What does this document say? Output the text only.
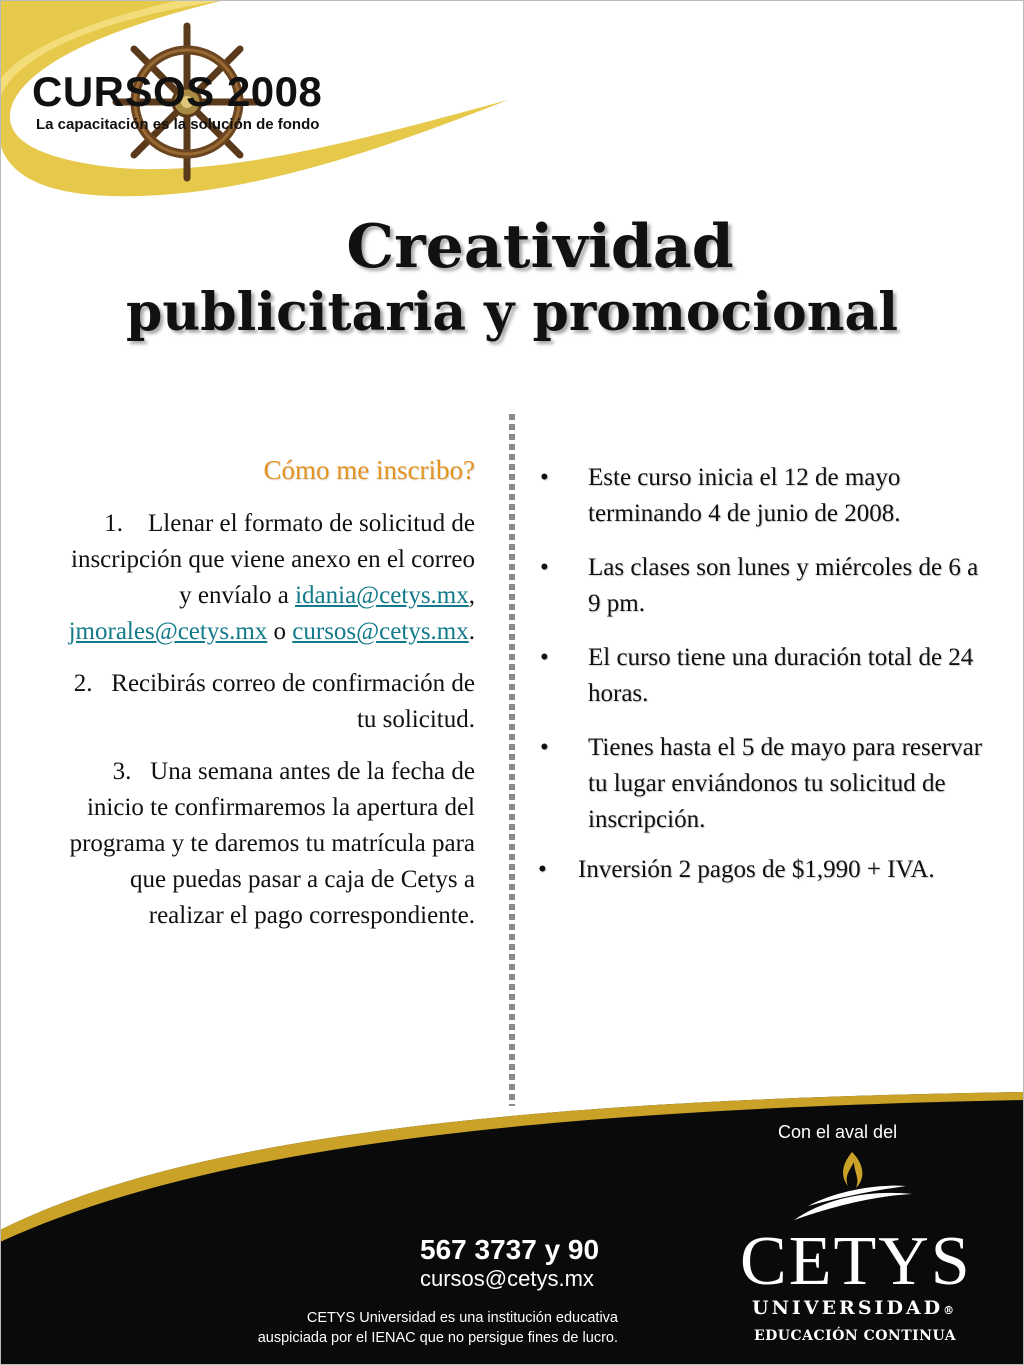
CURSOS 2008
La capacitación es la solución de fondo
Creatividad
publicitaria y promocional
Cómo me inscribo?
1.    Llenar el formato de solicitud de inscripción que viene anexo en el correo y envíalo a idania@cetys.mx, jmorales@cetys.mx o cursos@cetys.mx.
2.   Recibirás correo de confirmación de tu solicitud.
3.   Una semana antes de la fecha de inicio te confirmaremos la apertura del programa y te daremos tu matrícula para que puedas pasar a caja de Cetys a realizar el pago correspondiente.
• Este curso inicia el 12 de mayo terminando 4 de junio de 2008.
• Las clases son lunes y miércoles de 6 a 9 pm.
• El curso tiene una duración total de 24 horas.
• Tienes hasta el 5 de mayo para reservar tu lugar enviándonos tu solicitud de inscripción.
•     Inversión 2 pagos de $1,990 + IVA.
Con el aval del
CETYS
UNIVERSIDAD®
EDUCACIÓN CONTINUA
567 3737 y 90
cursos@cetys.mx
CETYS Universidad es una institución educativa
auspiciada por el IENAC que no persigue fines de lucro.
